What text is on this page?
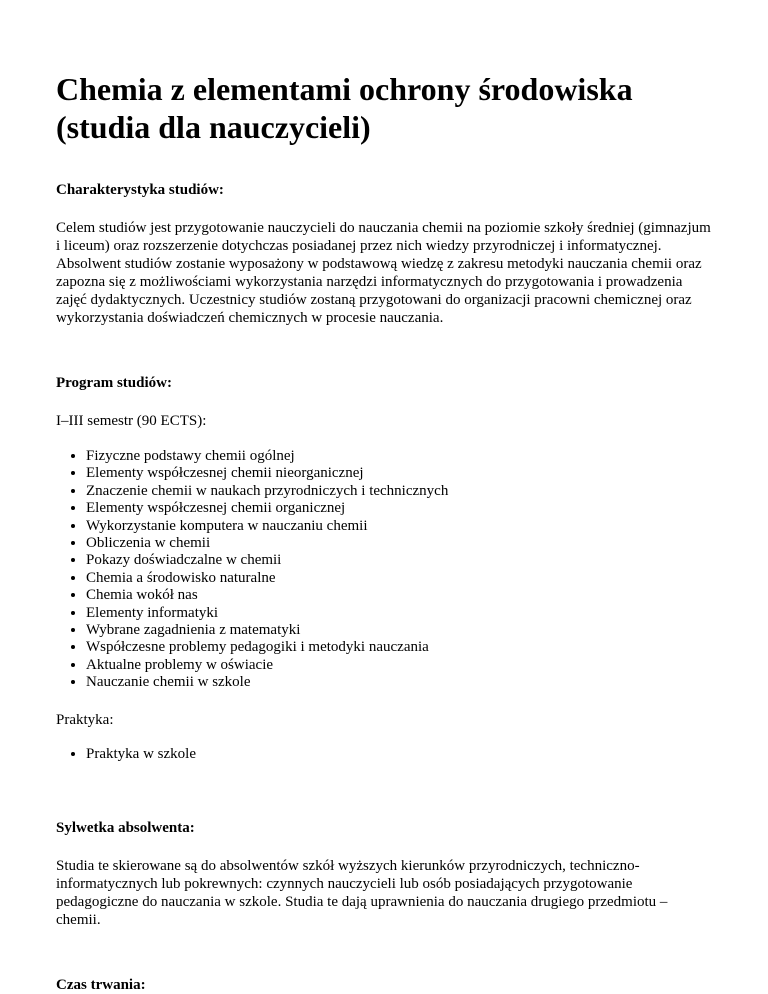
Chemia z elementami ochrony środowiska (studia dla nauczycieli)

Charakterystyka studiów:

Celem studiów jest przygotowanie nauczycieli do nauczania chemii na poziomie szkoły średniej (gimnazjum i liceum) oraz rozszerzenie dotychczas posiadanej przez nich wiedzy przyrodniczej i informatycznej. Absolwent studiów zostanie wyposażony w podstawową wiedzę z zakresu metodyki nauczania chemii oraz zapozna się z możliwościami wykorzystania narzędzi informatycznych do przygotowania i prowadzenia zajęć dydaktycznych. Uczestnicy studiów zostaną przygotowani do organizacji pracowni chemicznej oraz wykorzystania doświadczeń chemicznych w procesie nauczania.

Program studiów:

I–III semestr (90 ECTS):

• Fizyczne podstawy chemii ogólnej
• Elementy współczesnej chemii nieorganicznej
• Znaczenie chemii w naukach przyrodniczych i technicznych
• Elementy współczesnej chemii organicznej
• Wykorzystanie komputera w nauczaniu chemii
• Obliczenia w chemii
• Pokazy doświadczalne w chemii
• Chemia a środowisko naturalne
• Chemia wokół nas
• Elementy informatyki
• Wybrane zagadnienia z matematyki
• Współczesne problemy pedagogiki i metodyki nauczania
• Aktualne problemy w oświacie
• Nauczanie chemii w szkole

Praktyka:

• Praktyka w szkole

Sylwetka absolwenta:

Studia te skierowane są do absolwentów szkół wyższych kierunków przyrodniczych, techniczno-informatycznych lub pokrewnych: czynnych nauczycieli lub osób posiadających przygotowanie pedagogiczne do nauczania w szkole. Studia te dają uprawnienia do nauczania drugiego przedmiotu – chemii.

Czas trwania:
